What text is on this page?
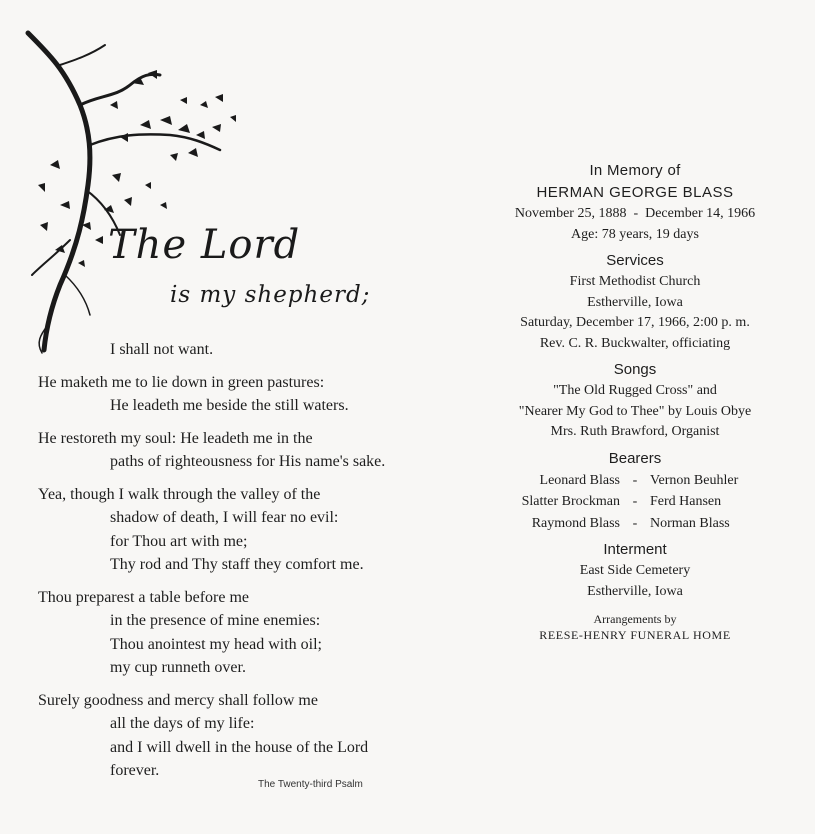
The Lord
is my shepherd;
I shall not want.
He maketh me to lie down in green pastures:
He leadeth me beside the still waters.
He restoreth my soul: He leadeth me in the
paths of righteousness for His name's sake.
Yea, though I walk through the valley of the
shadow of death, I will fear no evil:
for Thou art with me;
Thy rod and Thy staff they comfort me.
Thou preparest a table before me
in the presence of mine enemies:
Thou anointest my head with oil;
my cup runneth over.
Surely goodness and mercy shall follow me
all the days of my life:
and I will dwell in the house of the Lord
forever.
The Twenty-third Psalm
In Memory of
HERMAN GEORGE BLASS
November 25, 1888  -  December 14, 1966
Age: 78 years, 19 days
Services
First Methodist Church
Estherville, Iowa
Saturday, December 17, 1966, 2:00 p. m.
Rev. C. R. Buckwalter, officiating
Songs
"The Old Rugged Cross" and
"Nearer My God to Thee" by Louis Obye
Mrs. Ruth Brawford, Organist
Bearers
Leonard Blass - Vernon Beuhler
Slatter Brockman - Ferd Hansen
Raymond Blass - Norman Blass
Interment
East Side Cemetery
Estherville, Iowa
Arrangements by
REESE-HENRY FUNERAL HOME
